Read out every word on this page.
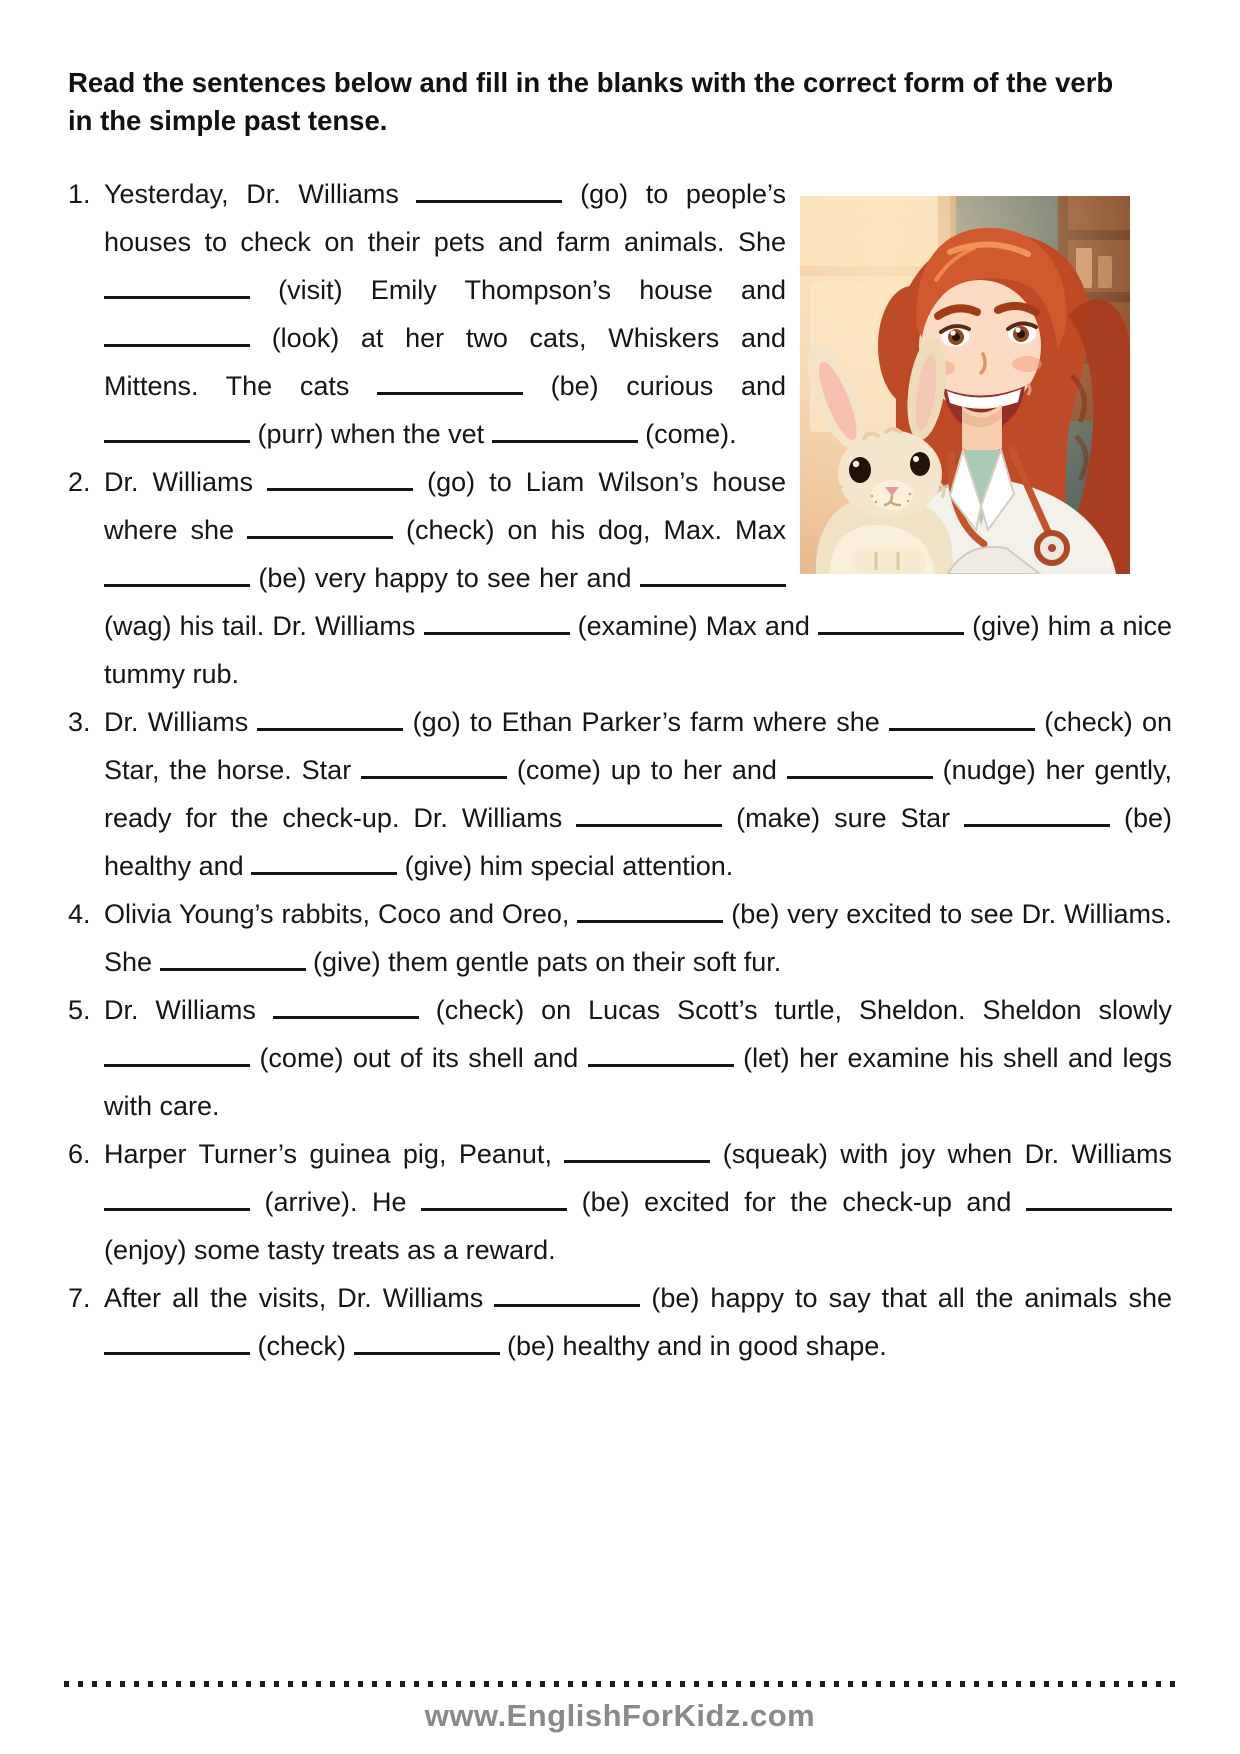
Read the sentences below and fill in the blanks with the correct form of the verb in the simple past tense.
1. Yesterday, Dr. Williams	(go) to people’s houses to check on their pets and farm animals. She  (visit) Emily Thompson’s house and  (look) at her two cats, Whiskers and Mittens. The cats	(be) curious and  (purr) when the vet	(come).
2. Dr. Williams	(go) to Liam Wilson’s house where she	(check) on his dog, Max. Max  (be) very happy to see her and  (wag) his tail. Dr. Williams	(examine) Max and	(give) him a nice tummy rub.
3. Dr. Williams	(go) to Ethan Parker’s farm where she	(check) on Star, the horse. Star	(come) up to her and	(nudge) her gently, ready for the check-up. Dr. Williams	(make) sure Star	(be) healthy and	(give) him special attention.
4. Olivia Young’s rabbits, Coco and Oreo,	(be) very excited to see Dr. Williams. She	(give) them gentle pats on their soft fur.
5. Dr. Williams	(check) on Lucas Scott’s turtle, Sheldon. Sheldon slowly  (come) out of its shell and	(let) her examine his shell and legs with care.
6. Harper Turner’s guinea pig, Peanut,	(squeak) with joy when Dr. Williams  (arrive). He	(be) excited for the check-up and  (enjoy) some tasty treats as a reward.
7. After all the visits, Dr. Williams	(be) happy to say that all the animals she  (check)	(be) healthy and in good shape.
www.EnglishForKidz.com
